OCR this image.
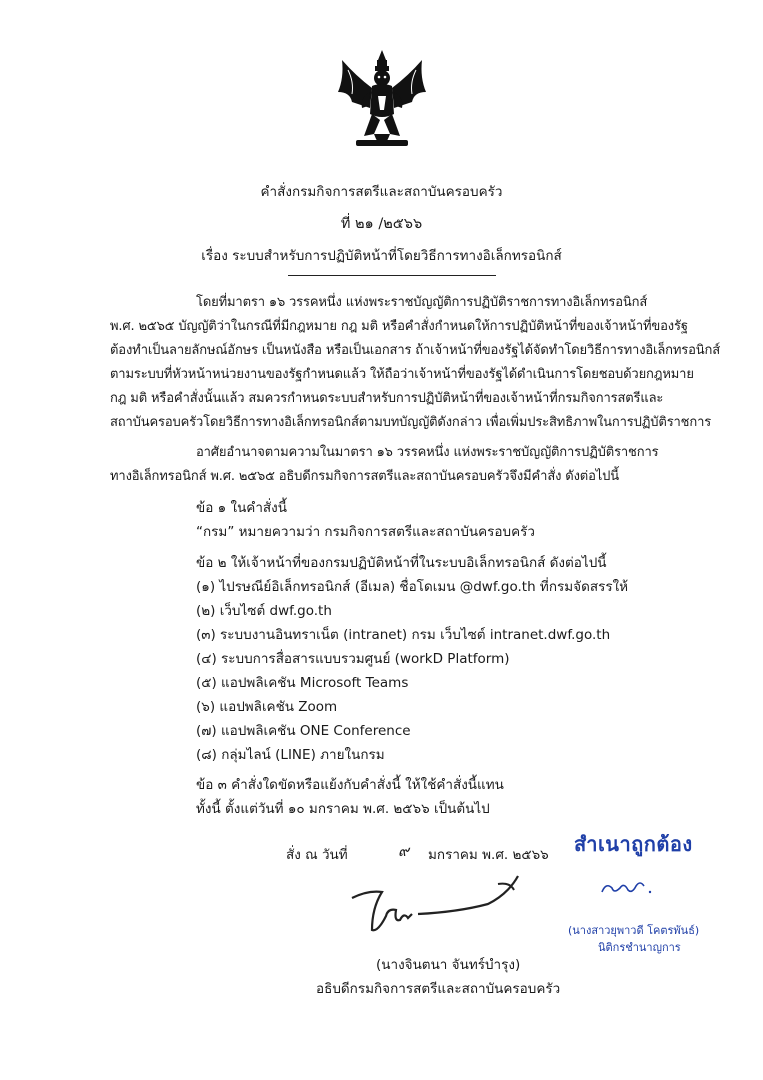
คำสั่งกรมกิจการสตรีและสถาบันครอบครัว
ที่ ๒๑ /๒๕๖๖
เรื่อง ระบบสำหรับการปฏิบัติหน้าที่โดยวิธีการทางอิเล็กทรอนิกส์
โดยที่มาตรา ๑๖ วรรคหนึ่ง แห่งพระราชบัญญัติการปฏิบัติราชการทางอิเล็กทรอนิกส์
พ.ศ. ๒๕๖๕ บัญญัติว่าในกรณีที่มีกฎหมาย กฎ มติ หรือคำสั่งกำหนดให้การปฏิบัติหน้าที่ของเจ้าหน้าที่ของรัฐ
ต้องทำเป็นลายลักษณ์อักษร เป็นหนังสือ หรือเป็นเอกสาร ถ้าเจ้าหน้าที่ของรัฐได้จัดทำโดยวิธีการทางอิเล็กทรอนิกส์
ตามระบบที่หัวหน้าหน่วยงานของรัฐกำหนดแล้ว ให้ถือว่าเจ้าหน้าที่ของรัฐได้ดำเนินการโดยชอบด้วยกฎหมาย
กฎ มติ หรือคำสั่งนั้นแล้ว สมควรกำหนดระบบสำหรับการปฏิบัติหน้าที่ของเจ้าหน้าที่กรมกิจการสตรีและ
สถาบันครอบครัวโดยวิธีการทางอิเล็กทรอนิกส์ตามบทบัญญัติดังกล่าว เพื่อเพิ่มประสิทธิภาพในการปฏิบัติราชการ
อาศัยอำนาจตามความในมาตรา ๑๖ วรรคหนึ่ง แห่งพระราชบัญญัติการปฏิบัติราชการ
ทางอิเล็กทรอนิกส์ พ.ศ. ๒๕๖๕ อธิบดีกรมกิจการสตรีและสถาบันครอบครัวจึงมีคำสั่ง ดังต่อไปนี้
ข้อ ๑ ในคำสั่งนี้
“กรม” หมายความว่า กรมกิจการสตรีและสถาบันครอบครัว
ข้อ ๒ ให้เจ้าหน้าที่ของกรมปฏิบัติหน้าที่ในระบบอิเล็กทรอนิกส์ ดังต่อไปนี้
(๑) ไปรษณีย์อิเล็กทรอนิกส์ (อีเมล) ชื่อโดเมน @dwf.go.th ที่กรมจัดสรรให้
(๒) เว็บไซต์ dwf.go.th
(๓) ระบบงานอินทราเน็ต (intranet) กรม เว็บไซต์ intranet.dwf.go.th
(๔) ระบบการสื่อสารแบบรวมศูนย์ (workD Platform)
(๕) แอปพลิเคชัน Microsoft Teams
(๖) แอปพลิเคชัน Zoom
(๗) แอปพลิเคชัน ONE Conference
(๘) กลุ่มไลน์ (LINE) ภายในกรม
ข้อ ๓ คำสั่งใดขัดหรือแย้งกับคำสั่งนี้ ให้ใช้คำสั่งนี้แทน
ทั้งนี้ ตั้งแต่วันที่ ๑๐ มกราคม พ.ศ. ๒๕๖๖ เป็นต้นไป
สั่ง ณ วันที่	๙ มกราคม พ.ศ. ๒๕๖๖
(นางจินตนา จันทร์บำรุง)
อธิบดีกรมกิจการสตรีและสถาบันครอบครัว
สำเนาถูกต้อง
(นางสาวยุพาวดี โคตรพันธ์)
นิติกรชำนาญการ
